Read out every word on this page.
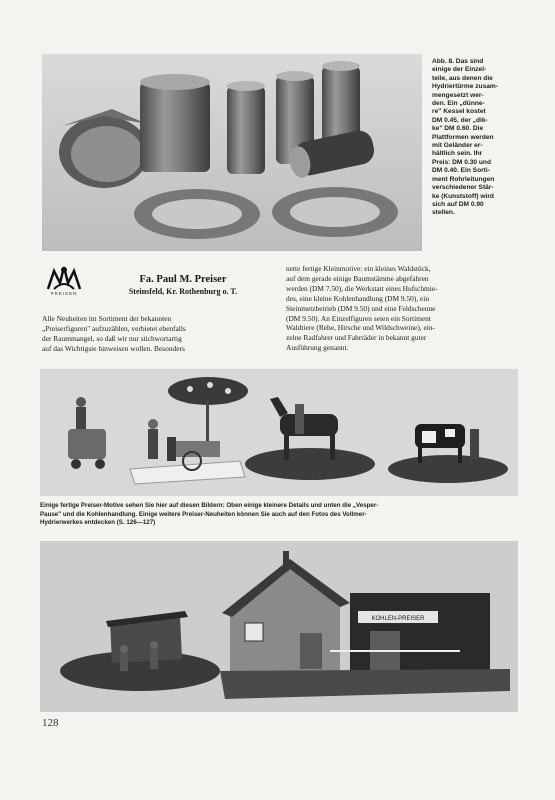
Abb. 8. Das sind
einige der Einzel-
teile, aus denen die
Hydriertürme zusam-
mengesetzt wer-
den. Ein „dünne-
re" Kessel kostet
DM 0.45, der „dik-
ke" DM 0.60. Die
Plattformen werden
mit Geländer er-
hältlich sein. Ihr
Preis: DM 0.30 und
DM 0.40. Ein Sorti-
ment Rohrleitungen
verschiedener Stär-
ke (Kunststoff) wird
sich auf DM 0.90
stellen.
PREISER
Fa. Paul M. Preiser
Steinsfeld, Kr. Rothenburg o. T.
Alle Neuheiten im Sortiment der bekannten
„Preiserfiguren" aufzuzählen, verbietet ebenfalls
der Raummangel, so daß wir nur stichwortartig
auf das Wichtigste hinweisen wollen. Besonders
nette fertige Kleinmotive: ein kleines Waldstück,
auf dem gerade einige Baumstämme abgefahren
werden (DM 7.50), die Werkstatt eines Hufschmie-
des, eine kleine Kohlenhandlung (DM 9.50), ein
Steinmetzbetrieb (DM 9.50) und eine Feldscheune
(DM 9.50). An Einzelfiguren seien ein Sortiment
Waldtiere (Rehe, Hirsche und Wildschweine), ein-
zelne Radfahrer und Fahrräder in bekannt guter
Ausführung genannt.
Einige fertige Preiser-Motive sehen Sie hier auf diesen Bildern: Oben einige kleinere Details und unten die „Vesper-
Pause" und die Kohlenhandlung. Einige weitere Preiser-Neuheiten können Sie auch auf den Fotos des Vollmer-
Hydrierwerkes entdecken (S. 126—127)
KOHLEN-PREISER
128
